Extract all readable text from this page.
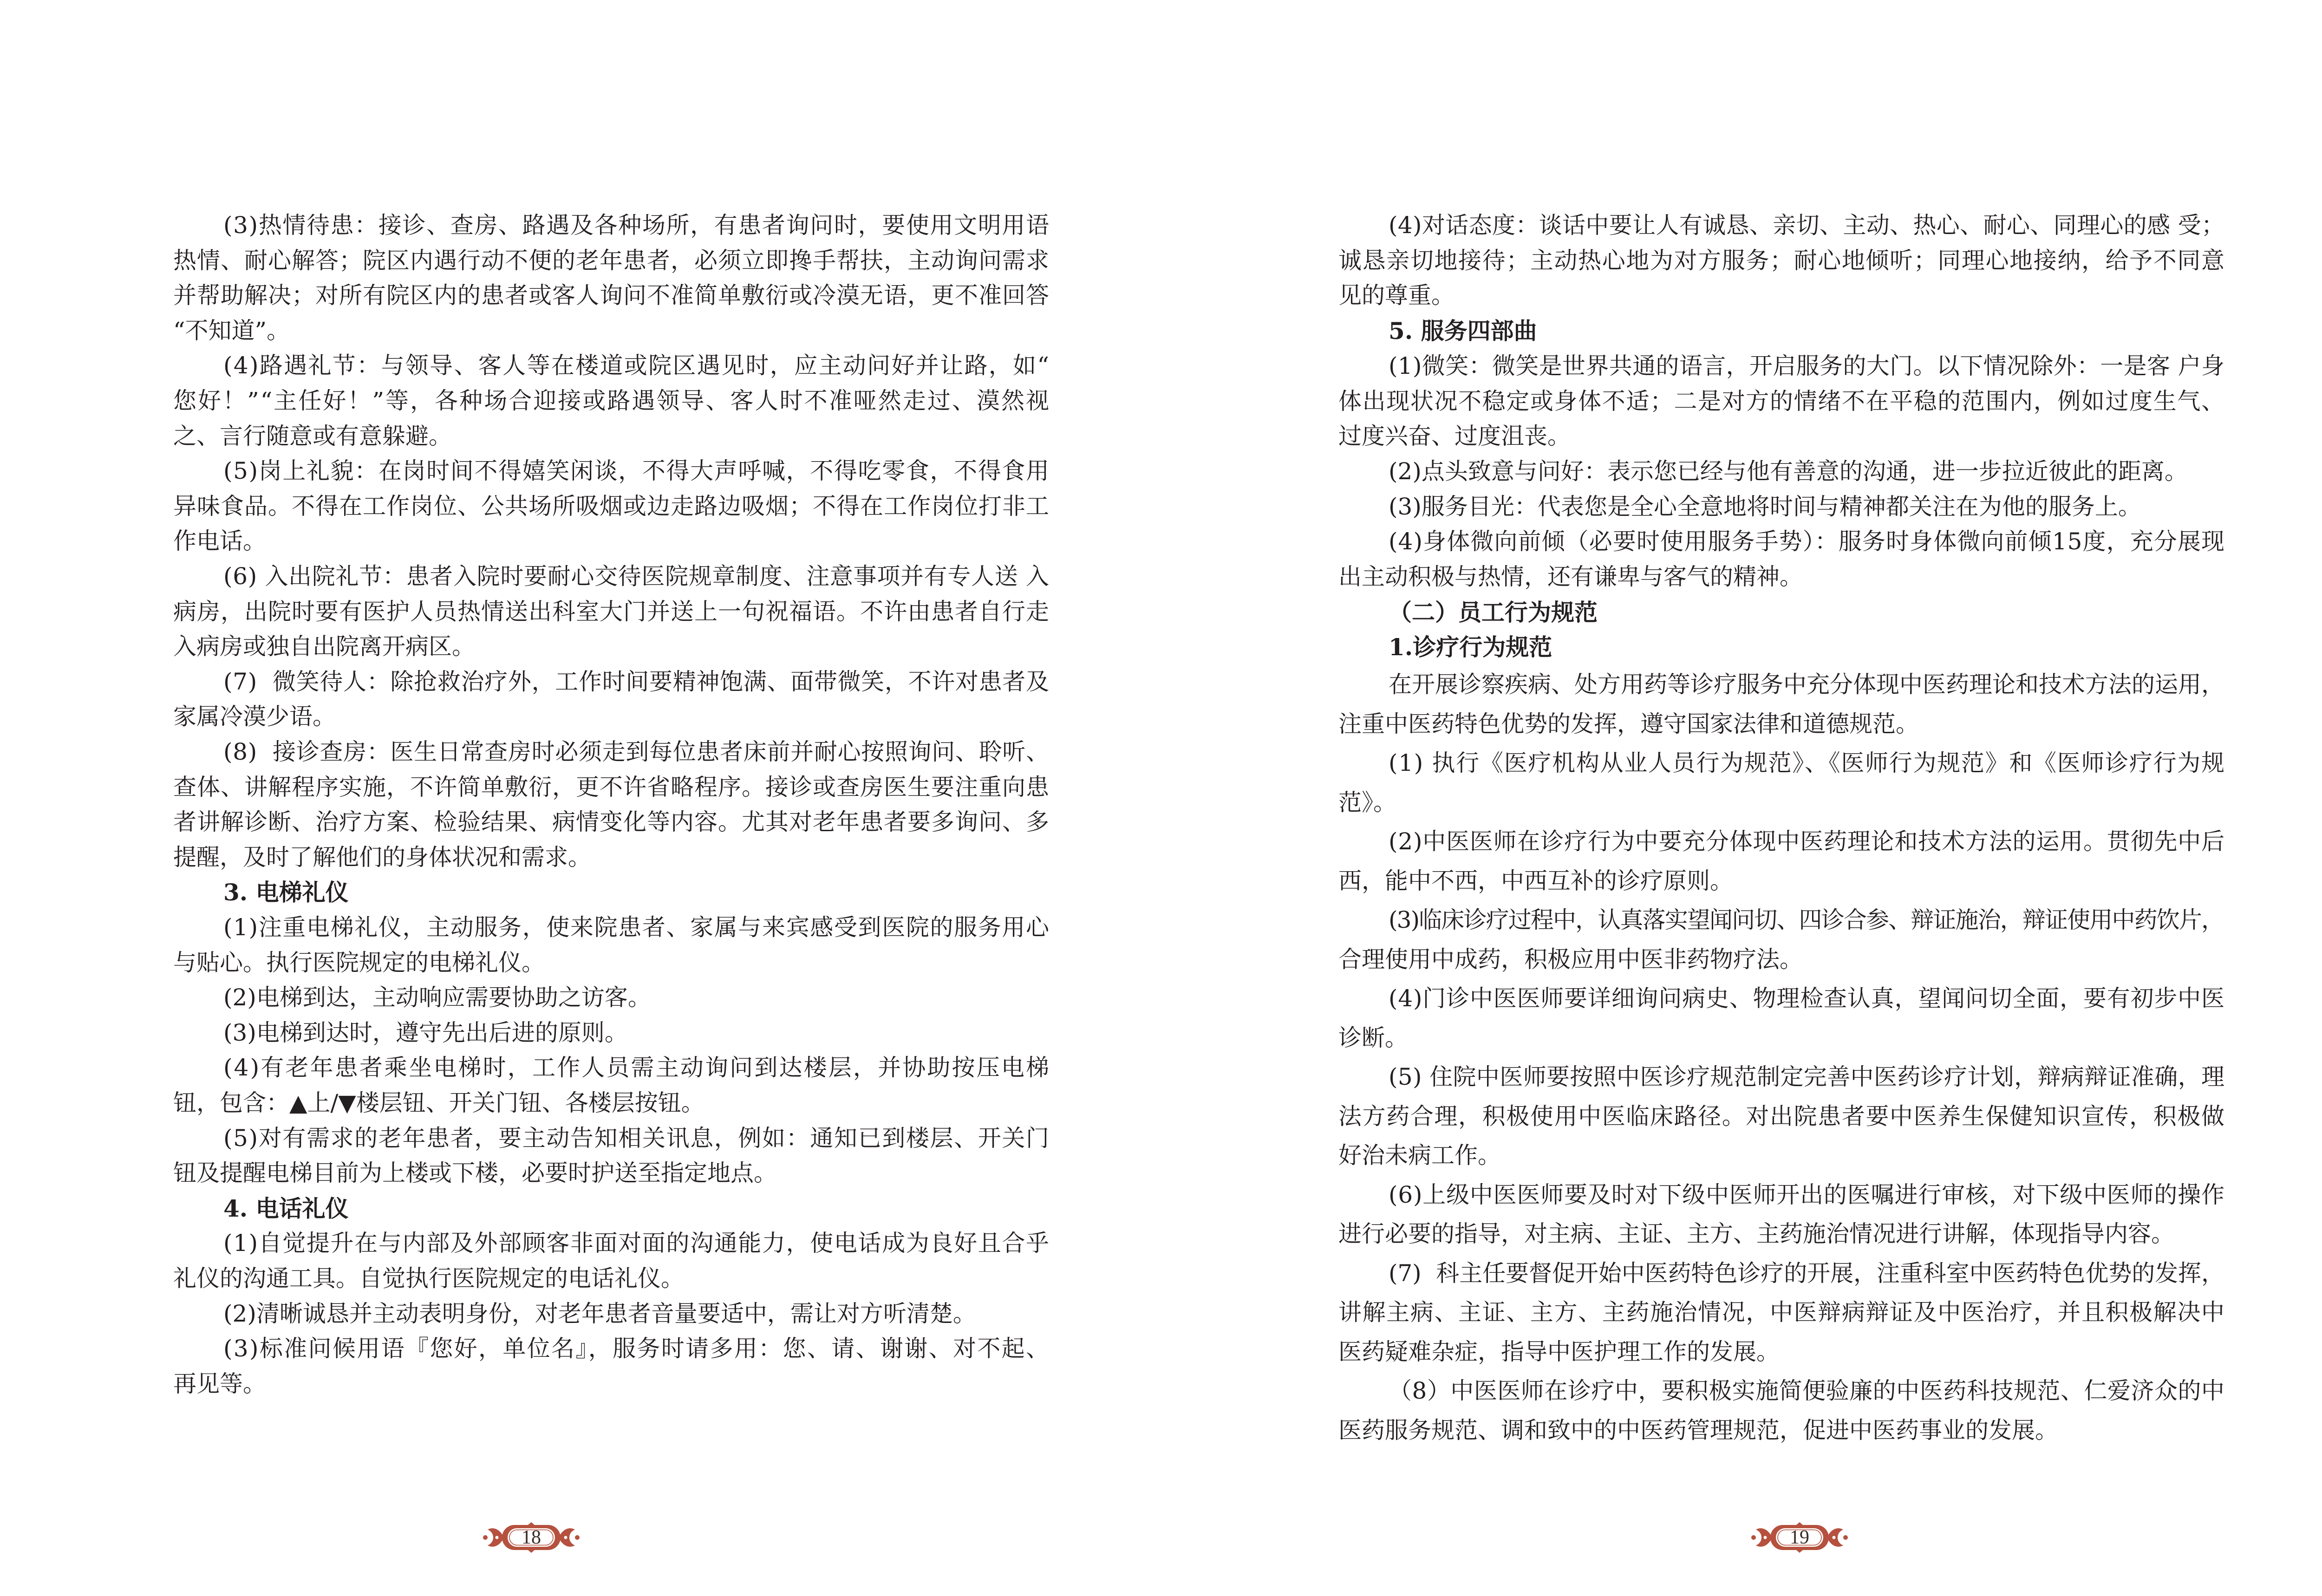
(3)热情待患：接诊、查房、路遇及各种场所，有患者询问时，要使用文明用语
热情、耐心解答；院区内遇行动不便的老年患者，必须立即搀手帮扶，主动询问需求
并帮助解决；对所有院区内的患者或客人询问不准简单敷衍或冷漠无语，更不准回答
“不知道”。
(4)路遇礼节：与领导、客人等在楼道或院区遇见时，应主动问好并让路，如“
您好！”“主任好！”等，各种场合迎接或路遇领导、客人时不准哑然走过、漠然视
之、言行随意或有意躲避。
(5)岗上礼貌：在岗时间不得嬉笑闲谈，不得大声呼喊，不得吃零食，不得食用
异味食品。不得在工作岗位、公共场所吸烟或边走路边吸烟；不得在工作岗位打非工
作电话。
(6) 入出院礼节：患者入院时要耐心交待医院规章制度、注意事项并有专人送 入
病房，出院时要有医护人员热情送出科室大门并送上一句祝福语。不许由患者自行走
入病房或独自出院离开病区。
(7)  微笑待人：除抢救治疗外，工作时间要精神饱满、面带微笑，不许对患者及
家属冷漠少语。
(8)  接诊查房：医生日常查房时必须走到每位患者床前并耐心按照询问、聆听、
查体、讲解程序实施，不许简单敷衍，更不许省略程序。接诊或查房医生要注重向患
者讲解诊断、治疗方案、检验结果、病情变化等内容。尤其对老年患者要多询问、多
提醒，及时了解他们的身体状况和需求。
3. 电梯礼仪
(1)注重电梯礼仪，主动服务，使来院患者、家属与来宾感受到医院的服务用心
与贴心。执行医院规定的电梯礼仪。
(2)电梯到达，主动响应需要协助之访客。
(3)电梯到达时，遵守先出后进的原则。
(4)有老年患者乘坐电梯时，工作人员需主动询问到达楼层，并协助按压电梯
钮，包含：▲上/▼楼层钮、开关门钮、各楼层按钮。
(5)对有需求的老年患者，要主动告知相关讯息，例如：通知已到楼层、开关门
钮及提醒电梯目前为上楼或下楼，必要时护送至指定地点。
4. 电话礼仪
(1)自觉提升在与内部及外部顾客非面对面的沟通能力，使电话成为良好且合乎
礼仪的沟通工具。自觉执行医院规定的电话礼仪。
(2)清晰诚恳并主动表明身份，对老年患者音量要适中，需让对方听清楚。
(3)标准问候用语『您好，单位名』，服务时请多用：您、请、谢谢、对不起、
再见等。
18
(4)对话态度：谈话中要让人有诚恳、亲切、主动、热心、耐心、同理心的感 受；
诚恳亲切地接待；主动热心地为对方服务；耐心地倾听；同理心地接纳，给予不同意
见的尊重。
5. 服务四部曲
(1)微笑：微笑是世界共通的语言，开启服务的大门。以下情况除外：一是客 户身
体出现状况不稳定或身体不适；二是对方的情绪不在平稳的范围内，例如过度生气、
过度兴奋、过度沮丧。
(2)点头致意与问好：表示您已经与他有善意的沟通，进一步拉近彼此的距离。
(3)服务目光：代表您是全心全意地将时间与精神都关注在为他的服务上。
(4)身体微向前倾（必要时使用服务手势）：服务时身体微向前倾15度，充分展现
出主动积极与热情，还有谦卑与客气的精神。
（二）员工行为规范
1.诊疗行为规范
在开展诊察疾病、处方用药等诊疗服务中充分体现中医药理论和技术方法的运用，
注重中医药特色优势的发挥，遵守国家法律和道德规范。
(1) 执行《医疗机构从业人员行为规范》、《医师行为规范》和《医师诊疗行为规
范》。
(2)中医医师在诊疗行为中要充分体现中医药理论和技术方法的运用。贯彻先中后
西，能中不西，中西互补的诊疗原则。
(3)临床诊疗过程中，认真落实望闻问切、四诊合参、辩证施治，辩证使用中药饮片，
合理使用中成药，积极应用中医非药物疗法。
(4)门诊中医医师要详细询问病史、物理检查认真，望闻问切全面，要有初步中医
诊断。
(5) 住院中医师要按照中医诊疗规范制定完善中医药诊疗计划，辩病辩证准确，理
法方药合理，积极使用中医临床路径。对出院患者要中医养生保健知识宣传，积极做
好治未病工作。
(6)上级中医医师要及时对下级中医师开出的医嘱进行审核，对下级中医师的操作
进行必要的指导，对主病、主证、主方、主药施治情况进行讲解，体现指导内容。
(7)  科主任要督促开始中医药特色诊疗的开展，注重科室中医药特色优势的发挥，
讲解主病、主证、主方、主药施治情况，中医辩病辩证及中医治疗，并且积极解决中
医药疑难杂症，指导中医护理工作的发展。
（8）中医医师在诊疗中，要积极实施简便验廉的中医药科技规范、仁爱济众的中
医药服务规范、调和致中的中医药管理规范，促进中医药事业的发展。
19
